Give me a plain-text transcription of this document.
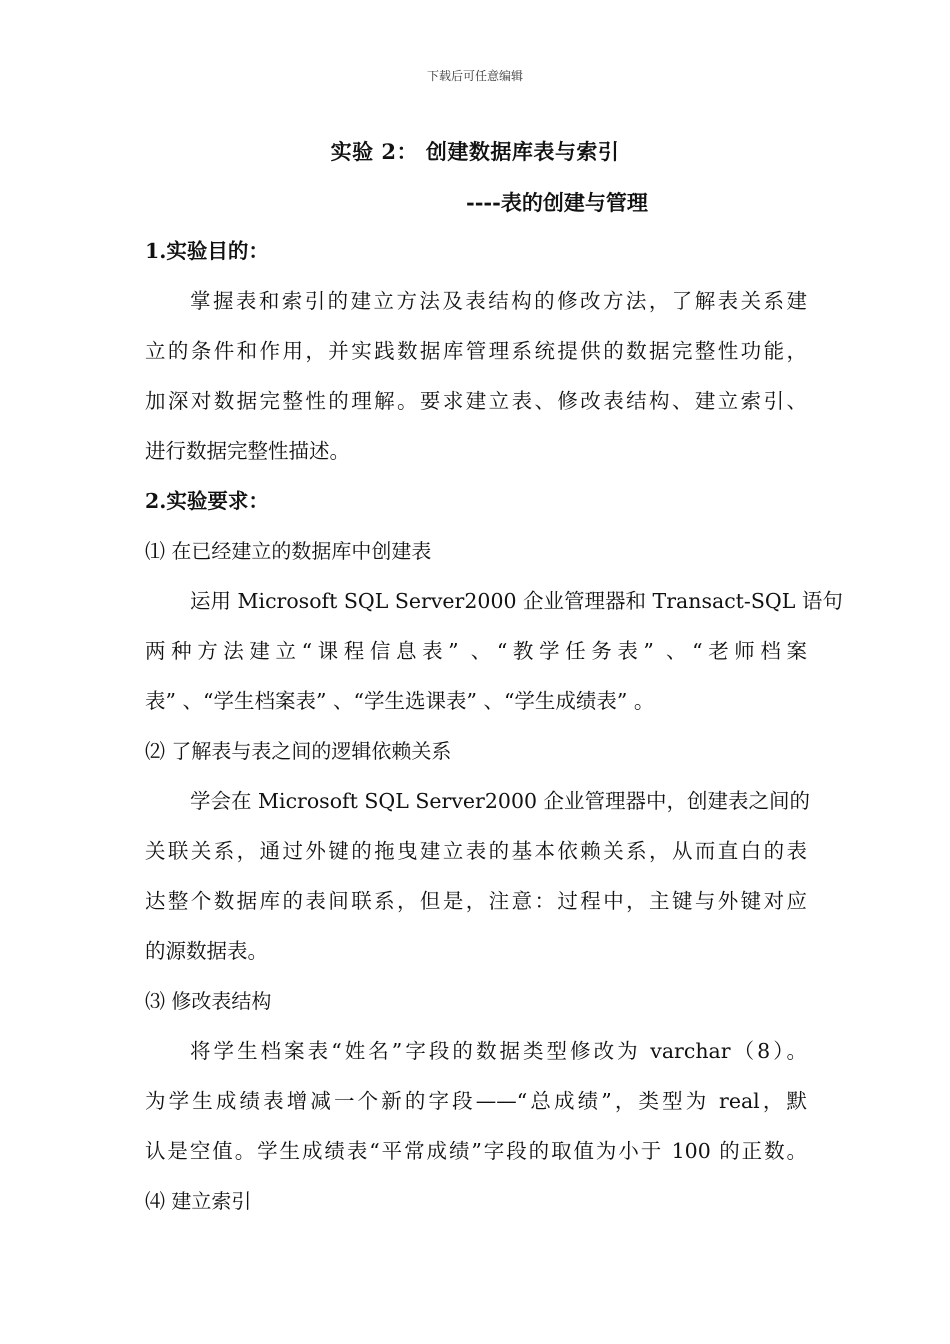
下载后可任意编辑
实验 2： 创建数据库表与索引
----表的创建与管理
1.实验目的：
掌握表和索引的建立方法及表结构的修改方法，了解表关系建
立的条件和作用，并实践数据库管理系统提供的数据完整性功能，
加深对数据完整性的理解。要求建立表、修改表结构、建立索引、
进行数据完整性描述。
2.实验要求：
⑴ 在已经建立的数据库中创建表
运用 Microsoft SQL Server2000 企业管理器和 Transact-SQL 语句
两种方法建立“课程信息表” 、“教学任务表” 、“老师档案
表” 、“学生档案表” 、“学生选课表” 、“学生成绩表” 。
⑵ 了解表与表之间的逻辑依赖关系
学会在 Microsoft SQL Server2000 企业管理器中，创建表之间的
关联关系，通过外键的拖曳建立表的基本依赖关系，从而直白的表
达整个数据库的表间联系，但是，注意：过程中，主键与外键对应
的源数据表。
⑶ 修改表结构
将学生档案表“姓名”字段的数据类型修改为 varchar（8）。
为学生成绩表增减一个新的字段——“总成绩”，类型为 real，默
认是空值。学生成绩表“平常成绩”字段的取值为小于 100 的正数。
⑷ 建立索引
